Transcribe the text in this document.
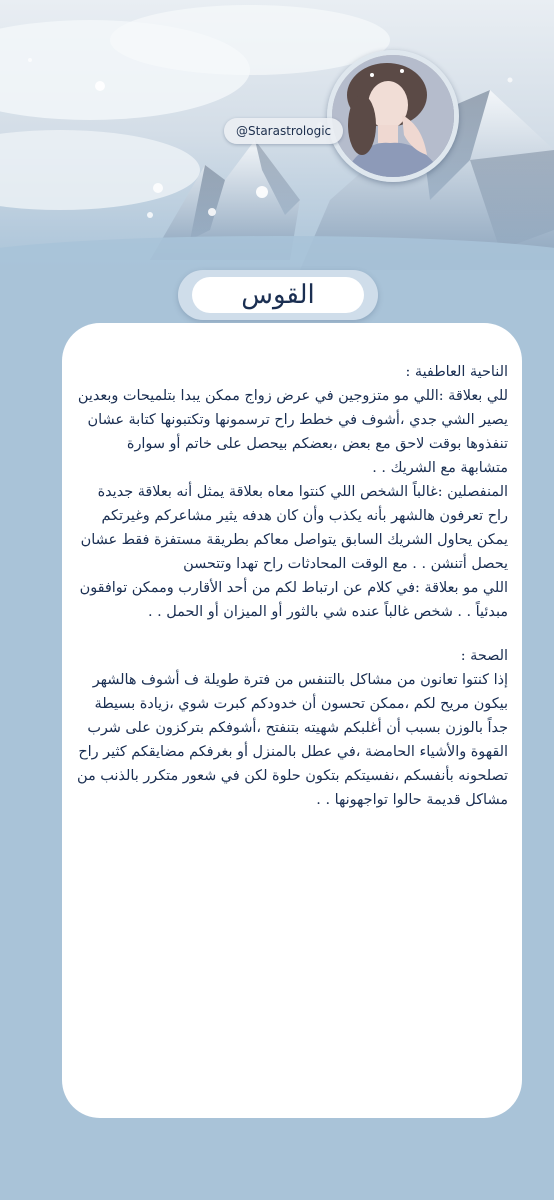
@Starastrologic
القوس

الناحية العاطفية :

للي بعلاقة :اللي مو متزوجين في عرض زواج ممكن يبدا بتلميحات وبعدين يصير الشي جدي ،أشوف في خطط راح ترسمونها وتكتبونها كتابة عشان تنفذوها بوقت لاحق مع بعض ،بعضكم بيحصل على خاتم أو سوارة متشابهة مع الشريك . .

المنفصلين :غالباً الشخص اللي كنتوا معاه بعلاقة يمثل أنه بعلاقة جديدة راح تعرفون هالشهر بأنه يكذب وأن كان هدفه يثير مشاعركم وغيرتكم يمكن يحاول الشريك السابق يتواصل معاكم بطريقة مستفزة فقط عشان يحصل أتنشن . . مع الوقت المحادثات راح تهدا وتتحسن

اللي مو بعلاقة :في كلام عن ارتباط لكم من أحد الأقارب وممكن توافقون مبدئياً . . شخص غالباً عنده شي بالثور أو الميزان أو الحمل . .

الصحة :

إذا كنتوا تعانون من مشاكل بالتنفس من فترة طويلة ف أشوف هالشهر بيكون مريح لكم ،ممكن تحسون أن خدودكم كبرت شوي ،زيادة بسيطة جداً بالوزن بسبب أن أغلبكم شهيته بتنفتح ،أشوفكم بتركزون على شرب القهوة والأشياء الحامضة ،في عطل بالمنزل أو بغرفكم مضايقكم كثير راح تصلحونه بأنفسكم ،نفسيتكم بتكون حلوة لكن في شعور متكرر بالذنب من مشاكل قديمة حالوا تواجهونها . .
